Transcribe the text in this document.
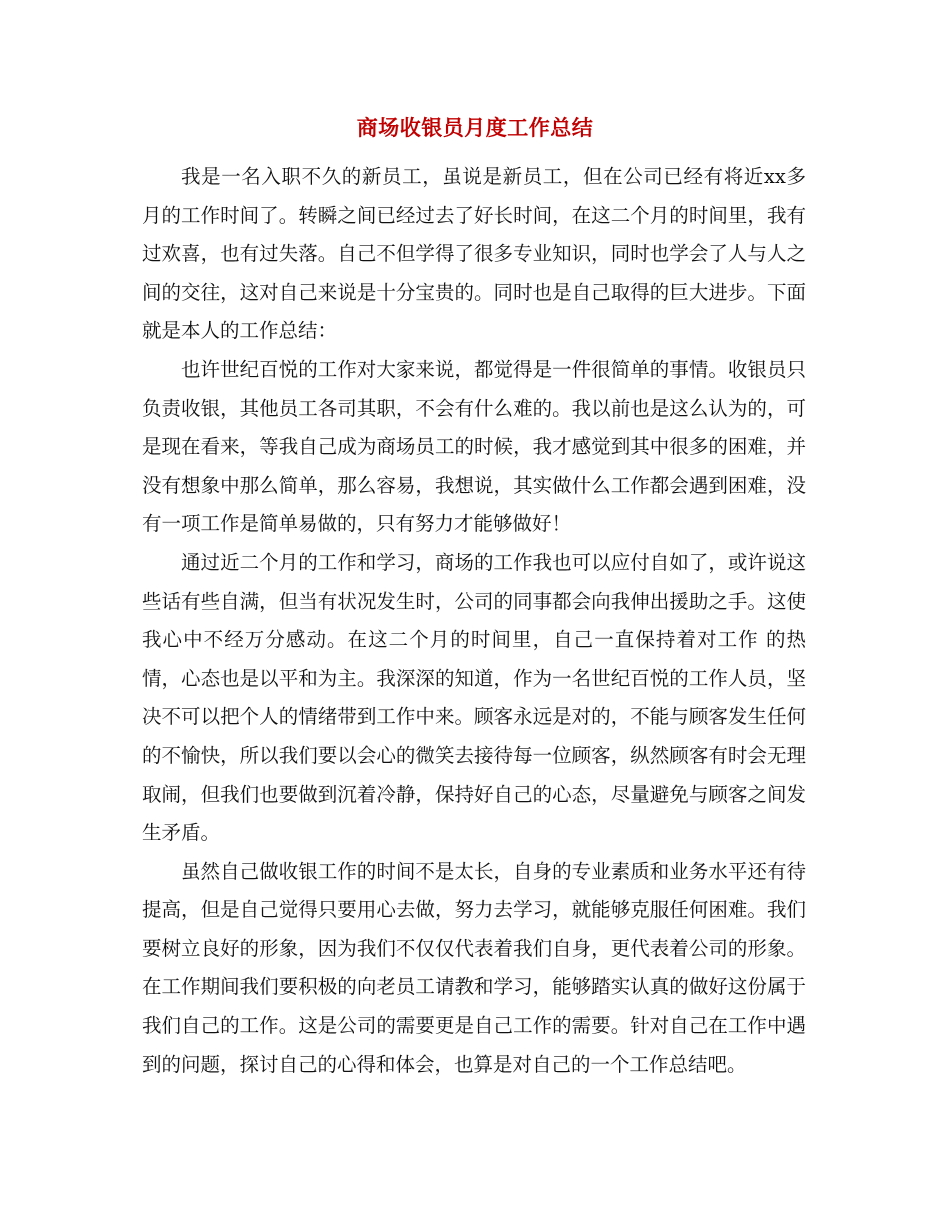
商场收银员月度工作总结

我是一名入职不久的新员工，虽说是新员工，但在公司已经有将近xx多月的工作时间了。转瞬之间已经过去了好长时间，在这二个月的时间里，我有过欢喜，也有过失落。自己不但学得了很多专业知识，同时也学会了人与人之间的交往，这对自己来说是十分宝贵的。同时也是自己取得的巨大进步。下面就是本人的工作总结：

也许世纪百悦的工作对大家来说，都觉得是一件很简单的事情。收银员只负责收银，其他员工各司其职，不会有什么难的。我以前也是这么认为的，可是现在看来，等我自己成为商场员工的时候，我才感觉到其中很多的困难，并没有想象中那么简单，那么容易，我想说，其实做什么工作都会遇到困难，没有一项工作是简单易做的，只有努力才能够做好！

通过近二个月的工作和学习，商场的工作我也可以应付自如了，或许说这些话有些自满，但当有状况发生时，公司的同事都会向我伸出援助之手。这使我心中不经万分感动。在这二个月的时间里，自己一直保持着对工作 的热情，心态也是以平和为主。我深深的知道，作为一名世纪百悦的工作人员，坚决不可以把个人的情绪带到工作中来。顾客永远是对的，不能与顾客发生任何的不愉快，所以我们要以会心的微笑去接待每一位顾客，纵然顾客有时会无理取闹，但我们也要做到沉着冷静，保持好自己的心态，尽量避免与顾客之间发生矛盾。

虽然自己做收银工作的时间不是太长，自身的专业素质和业务水平还有待提高，但是自己觉得只要用心去做，努力去学习，就能够克服任何困难。我们要树立良好的形象，因为我们不仅仅代表着我们自身，更代表着公司的形象。在工作期间我们要积极的向老员工请教和学习，能够踏实认真的做好这份属于我们自己的工作。这是公司的需要更是自己工作的需要。针对自己在工作中遇到的问题，探讨自己的心得和体会，也算是对自己的一个工作总结吧。
